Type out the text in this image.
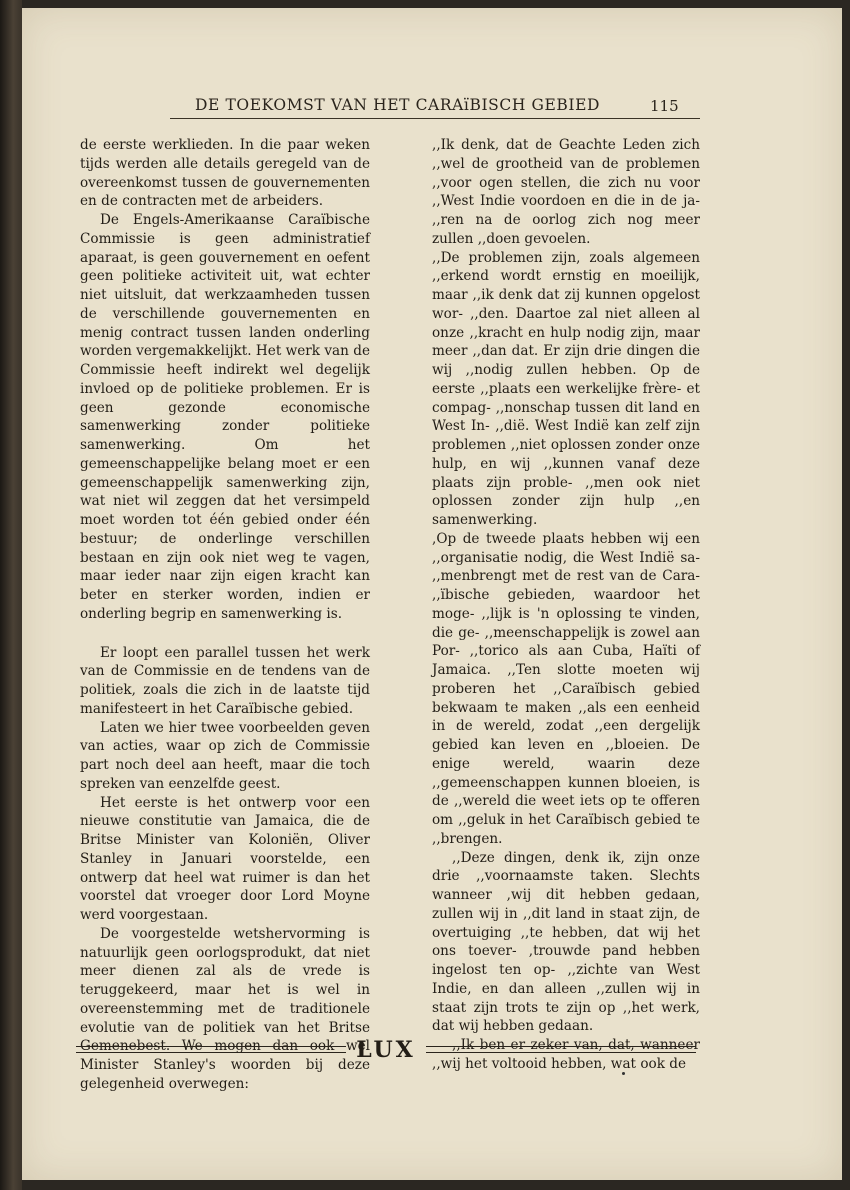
DE TOEKOMST VAN HET CARAïBISCH GEBIED	115

de eerste werklieden. In die paar weken tijds werden alle details geregeld van de overeenkomst tussen de gouvernementen en de contracten met de arbeiders.

De Engels-Amerikaanse Caraïbische Commissie is geen administratief aparaat, is geen gouvernement en oefent geen politieke activiteit uit, wat echter niet uitsluit, dat werkzaamheden tussen de verschillende gouvernementen en menig contract tussen landen onderling worden vergemakkelijkt. Het werk van de Commissie heeft indirekt wel degelijk invloed op de politieke problemen. Er is geen gezonde economische samenwerking zonder politieke samenwerking. Om het gemeenschappelijke belang moet er een gemeenschappelijk samenwerking zijn, wat niet wil zeggen dat het versimpeld moet worden tot één gebied onder één bestuur; de onderlinge verschillen bestaan en zijn ook niet weg te vagen, maar ieder naar zijn eigen kracht kan beter en sterker worden, indien er onderling begrip en samenwerking is.

Er loopt een parallel tussen het werk van de Commissie en de tendens van de politiek, zoals die zich in de laatste tijd manifesteert in het Caraïbische gebied.

Laten we hier twee voorbeelden geven van acties, waar op zich de Commissie part noch deel aan heeft, maar die toch spreken van eenzelfde geest.

Het eerste is het ontwerp voor een nieuwe constitutie van Jamaica, die de Britse Minister van Koloniën, Oliver Stanley in Januari voorstelde, een ontwerp dat heel wat ruimer is dan het voorstel dat vroeger door Lord Moyne werd voorgestaan.

De voorgestelde wetshervorming is natuurlijk geen oorlogsprodukt, dat niet meer dienen zal als de vrede is teruggekeerd, maar het is wel in overeenstemming met de traditionele evolutie van de politiek van het Britse Gemenebest. We mogen dan ook wel Minister Stanley's woorden bij deze gelegenheid overwegen:

,,Ik denk, dat de Geachte Leden zich ,,wel de grootheid van de problemen ,,voor ogen stellen, die zich nu voor ,,West Indie voordoen en die in de ja- ,,ren na de oorlog zich nog meer zullen ,,doen gevoelen.

,,De problemen zijn, zoals algemeen ,,erkend wordt ernstig en moeilijk, maar ,,ik denk dat zij kunnen opgelost wor- ,,den. Daartoe zal niet alleen al onze ,,kracht en hulp nodig zijn, maar meer ,,dan dat. Er zijn drie dingen die wij ,,nodig zullen hebben. Op de eerste ,,plaats een werkelijke frère- et compag- ,,nonschap tussen dit land en West In- ,,dië. West Indië kan zelf zijn problemen ,,niet oplossen zonder onze hulp, en wij ,,kunnen vanaf deze plaats zijn proble- ,,men ook niet oplossen zonder zijn hulp ,,en samenwerking.

,Op de tweede plaats hebben wij een ,,organisatie nodig, die West Indië sa- ,,menbrengt met de rest van de Cara- ,,ïbische gebieden, waardoor het moge- ,,lijk is 'n oplossing te vinden, die ge- ,,meenschappelijk is zowel aan Por- ,,torico als aan Cuba, Haïti of Jamaica. ,,Ten slotte moeten wij proberen het ,,Caraïbisch gebied bekwaam te maken ,,als een eenheid in de wereld, zodat ,,een dergelijk gebied kan leven en ,,bloeien. De enige wereld, waarin deze ,,gemeenschappen kunnen bloeien, is de ,,wereld die weet iets op te offeren om ,,geluk in het Caraïbisch gebied te ,,brengen.

,,Deze dingen, denk ik, zijn onze drie ,,voornaamste taken. Slechts wanneer ,wij dit hebben gedaan, zullen wij in ,,dit land in staat zijn, de overtuiging ,,te hebben, dat wij het ons toever- ,trouwde pand hebben ingelost ten op- ,,zichte van West Indie, en dan alleen ,,zullen wij in staat zijn trots te zijn op ,,het werk, dat wij hebben gedaan.

,,Ik ben er zeker van, dat, wanneer ,,wij het voltooid hebben, wat ook de

LUX
